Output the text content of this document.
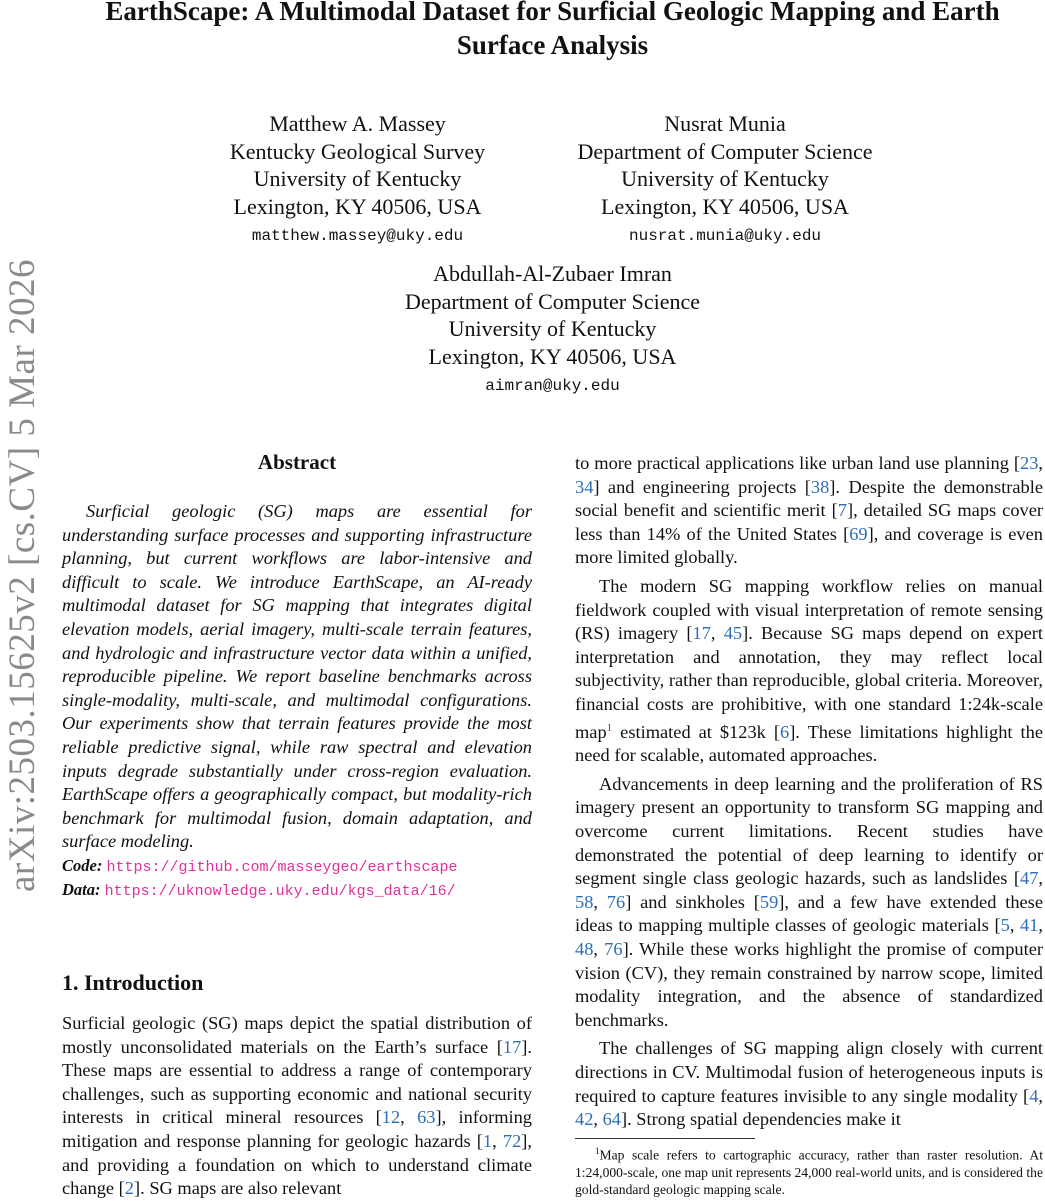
arXiv:2503.15625v2 [cs.CV] 5 Mar 2026
EarthScape: A Multimodal Dataset for Surficial Geologic Mapping and Earth
Surface Analysis
Matthew A. Massey
Kentucky Geological Survey
University of Kentucky
Lexington, KY 40506, USA
matthew.massey@uky.edu
Nusrat Munia
Department of Computer Science
University of Kentucky
Lexington, KY 40506, USA
nusrat.munia@uky.edu
Abdullah-Al-Zubaer Imran
Department of Computer Science
University of Kentucky
Lexington, KY 40506, USA
aimran@uky.edu
Abstract
Surficial geologic (SG) maps are essential for understanding surface processes and supporting infrastructure planning, but current workflows are labor-intensive and difficult to scale. We introduce EarthScape, an AI-ready multimodal dataset for SG mapping that integrates digital elevation models, aerial imagery, multi-scale terrain features, and hydrologic and infrastructure vector data within a unified, reproducible pipeline. We report baseline benchmarks across single-modality, multi-scale, and multimodal configurations. Our experiments show that terrain features provide the most reliable predictive signal, while raw spectral and elevation inputs degrade substantially under cross-region evaluation. EarthScape offers a geographically compact, but modality-rich benchmark for multimodal fusion, domain adaptation, and surface modeling.
Code: https://github.com/masseygeo/earthscape
Data: https://uknowledge.uky.edu/kgs_data/16/
1. Introduction
Surficial geologic (SG) maps depict the spatial distribution of mostly unconsolidated materials on the Earth’s surface [17]. These maps are essential to address a range of contemporary challenges, such as supporting economic and national security interests in critical mineral resources [12, 63], informing mitigation and response planning for geologic hazards [1, 72], and providing a foundation on which to understand climate change [2]. SG maps are also relevant

to more practical applications like urban land use planning [23, 34] and engineering projects [38]. Despite the demonstrable social benefit and scientific merit [7], detailed SG maps cover less than 14% of the United States [69], and coverage is even more limited globally.

The modern SG mapping workflow relies on manual fieldwork coupled with visual interpretation of remote sensing (RS) imagery [17, 45]. Because SG maps depend on expert interpretation and annotation, they may reflect local subjectivity, rather than reproducible, global criteria. Moreover, financial costs are prohibitive, with one standard 1:24k-scale map$^1$ estimated at $123k [6]. These limitations highlight the need for scalable, automated approaches.

Advancements in deep learning and the proliferation of RS imagery present an opportunity to transform SG mapping and overcome current limitations. Recent studies have demonstrated the potential of deep learning to identify or segment single class geologic hazards, such as landslides [47, 58, 76] and sinkholes [59], and a few have extended these ideas to mapping multiple classes of geologic materials [5, 41, 48, 76]. While these works highlight the promise of computer vision (CV), they remain constrained by narrow scope, limited modality integration, and the absence of standardized benchmarks.

The challenges of SG mapping align closely with current directions in CV. Multimodal fusion of heterogeneous inputs is required to capture features invisible to any single modality [4, 42, 64]. Strong spatial dependencies make it

$^1$Map scale refers to cartographic accuracy, rather than raster resolution. At 1:24,000-scale, one map unit represents 24,000 real-world units, and is considered the gold-standard geologic mapping scale.
